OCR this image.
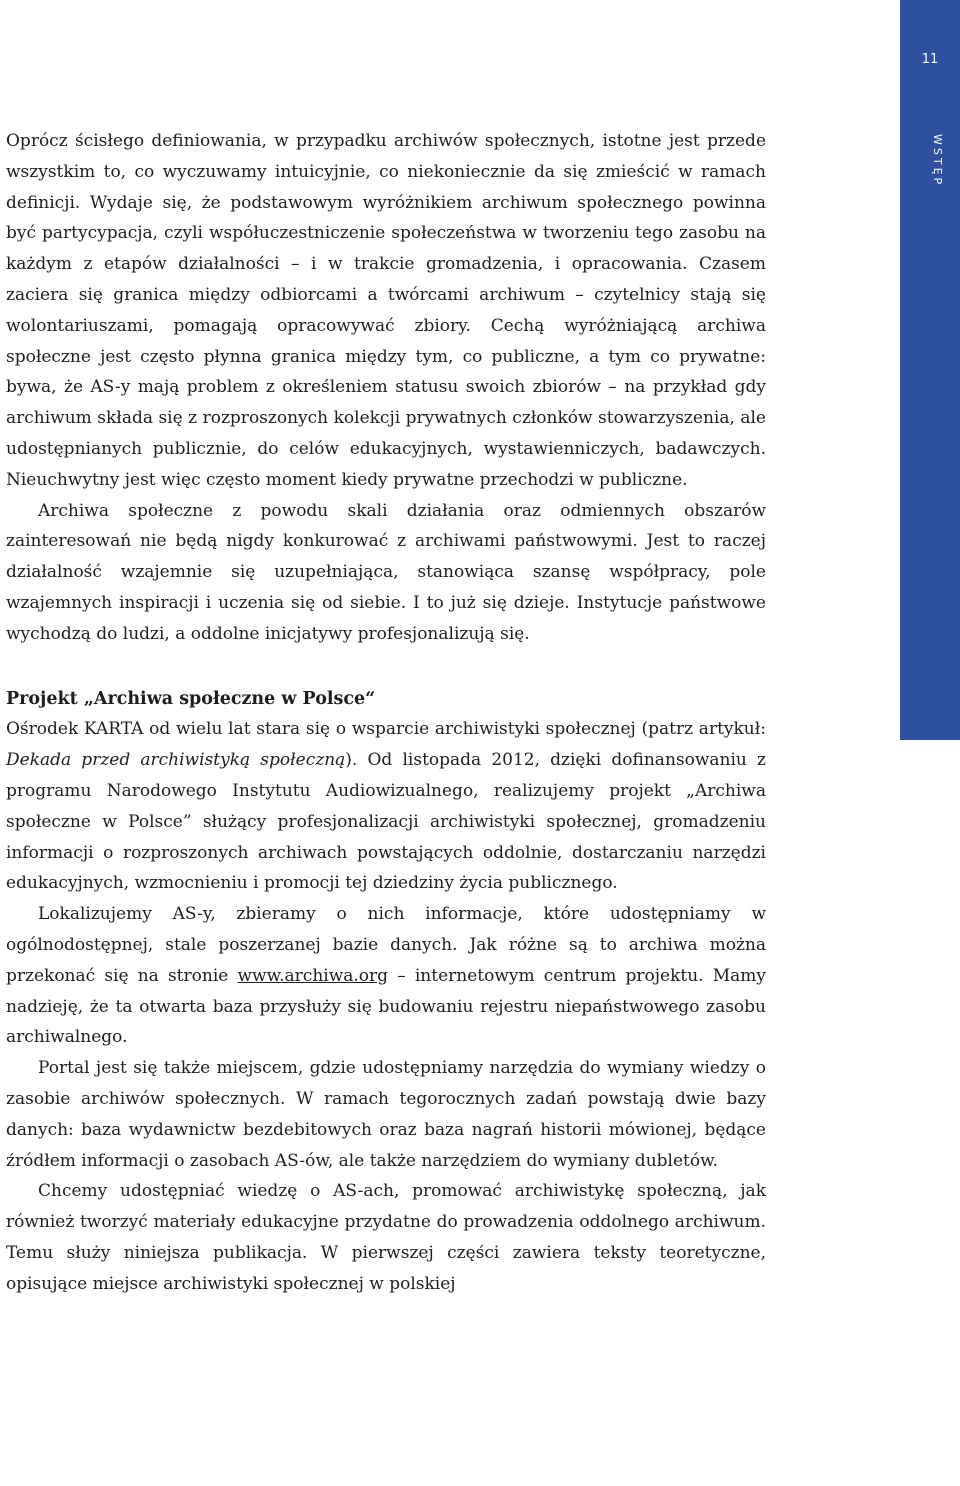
11
WSTĘP

Oprócz ścisłego definiowania, w przypadku archiwów społecznych, istotne jest przede wszystkim to, co wyczuwamy intuicyjnie, co niekoniecznie da się zmieścić w ramach definicji. Wydaje się, że podstawowym wyróżnikiem archiwum społecznego powinna być partycypacja, czyli współuczestniczenie społeczeństwa w tworzeniu tego zasobu na każdym z etapów działalności – i w trakcie gromadzenia, i opracowania. Czasem zaciera się granica między odbiorcami a twórcami archiwum – czytelnicy stają się wolontariuszami, pomagają opracowywać zbiory. Cechą wyróżniającą archiwa społeczne jest często płynna granica między tym, co publiczne, a tym co prywatne: bywa, że AS-y mają problem z określeniem statusu swoich zbiorów – na przykład gdy archiwum składa się z rozproszonych kolekcji prywatnych członków stowarzyszenia, ale udostępnianych publicznie, do celów edukacyjnych, wystawienniczych, badawczych. Nieuchwytny jest więc często moment kiedy prywatne przechodzi w publiczne.

Archiwa społeczne z powodu skali działania oraz odmiennych obszarów zainteresowań nie będą nigdy konkurować z archiwami państwowymi. Jest to raczej działalność wzajemnie się uzupełniająca, stanowiąca szansę współpracy, pole wzajemnych inspiracji i uczenia się od siebie. I to już się dzieje. Instytucje państwowe wychodzą do ludzi, a oddolne inicjatywy profesjonalizują się.

Projekt „Archiwa społeczne w Polsce“

Ośrodek KARTA od wielu lat stara się o wsparcie archiwistyki społecznej (patrz artykuł: Dekada przed archiwistyką społeczną). Od listopada 2012, dzięki dofinansowaniu z programu Narodowego Instytutu Audiowizualnego, realizujemy projekt „Archiwa społeczne w Polsce” służący profesjonalizacji archiwistyki społecznej, gromadzeniu informacji o rozproszonych archiwach powstających oddolnie, dostarczaniu narzędzi edukacyjnych, wzmocnieniu i promocji tej dziedziny życia publicznego.

Lokalizujemy AS-y, zbieramy o nich informacje, które udostępniamy w ogólnodostępnej, stale poszerzanej bazie danych. Jak różne są to archiwa można przekonać się na stronie www.archiwa.org – internetowym centrum projektu. Mamy nadzieję, że ta otwarta baza przysłuży się budowaniu rejestru niepaństwowego zasobu archiwalnego.

Portal jest się także miejscem, gdzie udostępniamy narzędzia do wymiany wiedzy o zasobie archiwów społecznych. W ramach tegorocznych zadań powstają dwie bazy danych: baza wydawnictw bezdebitowych oraz baza nagrań historii mówionej, będące źródłem informacji o zasobach AS-ów, ale także narzędziem do wymiany dubletów.

Chcemy udostępniać wiedzę o AS-ach, promować archiwistykę społeczną, jak również tworzyć materiały edukacyjne przydatne do prowadzenia oddolnego archiwum. Temu służy niniejsza publikacja. W pierwszej części zawiera teksty teoretyczne, opisujące miejsce archiwistyki społecznej w polskiej
